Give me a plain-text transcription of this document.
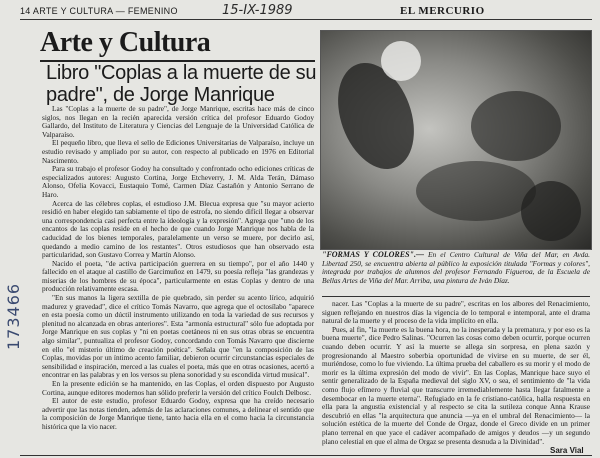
14 ARTE Y CULTURA — FEMENINO	15-IX-1989	EL MERCURIO
Arte y Cultura
Libro "Coplas a la muerte de su padre", de Jorge Manrique
173466

Las "Coplas a la muerte de su padre", de Jorge Manrique, escritas hace más de cinco siglos, nos llegan en la recién aparecida versión crítica del profesor Eduardo Godoy Gallardo, del Instituto de Literatura y Ciencias del Lenguaje de la Universidad Católica de Valparaíso.

El pequeño libro, que lleva el sello de Ediciones Universitarias de Valparaíso, incluye un estudio revisado y ampliado por su autor, con respecto al publicado en 1976 en Editorial Nascimento.

Para su trabajo el profesor Godoy ha consultado y confrontado ocho ediciones críticas de especializados autores: Augusto Cortina, Jorge Etcheverry, J. M. Alda Terán, Dámaso Alonso, Ofelia Kovacci, Eustaquio Tomé, Carmen Díaz Castañón y Antonio Serrano de Haro.

Acerca de las célebres coplas, el estudioso J.M. Blecua expresa que "su mayor acierto residió en haber elegido tan sabiamente el tipo de estrofa, no siendo difícil llegar a observar una correspondencia casi perfecta entre la ideología y la expresión". Agrega que "uno de los encantos de las coplas reside en el hecho de que cuando Jorge Manrique nos habla de la caducidad de los bienes temporales, paralelamente un verso se muere, por decirlo así, quedando a medio camino de los restantes". Otros estudiosos que han observado esta particularidad, son Gustavo Correa y Martín Alonso.

Nacido el poeta, "de activa participación guerrera en su tiempo", por el año 1440 y fallecido en el ataque al castillo de Garcimuñoz en 1479, su poesía refleja "las grandezas y miserias de los hombres de su época", particularmente en estas Coplas y dentro de una producción relativamente escasa.

"En sus manos la ligera sextilla de pie quebrado, sin perder su acento lírico, adquirió madurez y gravedad", dice el crítico Tomás Navarro, que agrega que el octosílabo "aparece en esta poesía como un dúctil instrumento utilizando en toda la variedad de sus recursos y plenitud no alcanzada en obras anteriores". Esta "armonía estructural" sólo fue adoptada por Jorge Manrique en sus coplas y "ni en poetas coetáneos ni en sus otras obras se encuentra algo similar", puntualiza el profesor Godoy, concordando con Tomás Navarro que discierne en ello "el misterio último de creación poética". Señala que "en la composición de las Coplas, movidas por un íntimo acento familiar, debieron ocurrir circunstancias especiales de sensibilidad e inspiración, merced a las cuales el poeta, más que en otras ocasiones, acertó a encontrar en las palabras y en los versos su plena sonoridad y su escondida virtud musical".

En la presente edición se ha mantenido, en las Coplas, el orden dispuesto por Augusto Cortina, aunque editores modernos han sólido preferir la versión del crítico Foulch Delbosc.

El autor de este estudio, profesor Eduardo Godoy, expresa que ha creído necesario advertir que las notas tienden, además de las aclaraciones comunes, a delinear el sentido que la composición de Jorge Manrique tiene, tanto hacia ella en el como hacia la circunstancia histórica que la vio nacer.

"FORMAS Y COLORES".— En el Centro Cultural de Viña del Mar, en Avda. Libertad 250, se encuentra abierta al público la exposición titulada "Formas y colores", integrada por trabajos de alumnos del profesor Fernando Figueroa, de la Escuela de Bellas Artes de Viña del Mar. Arriba, una pintura de Iván Díaz.

nacer. Las "Coplas a la muerte de su padre", escritas en los albores del Renacimiento, siguen reflejando en nuestros días la vigencia de lo temporal e intemporal, ante el drama natural de la muerte y el proceso de la vida implícito en ella.

Pues, al fin, "la muerte es la buena hora, no la inesperada y la prematura, y por eso es la buena muerte", dice Pedro Salinas. "Ocurren las cosas como deben ocurrir, porque ocurren cuando deben ocurrir. Y así la muerte se allega sin sorpresa, en plena sazón y progresionando al Maestro soberbia oportunidad de vivirse en su muerte, de ser él, muriéndose, como lo fue viviendo. La última prueba del caballero es su morir y el modo de morir es la última expresión del modo de vivir". En las Coplas, Manrique hace suyo el sentir generalizado de la España medieval del siglo XV, o sea, el sentimiento de "la vida como flujo efímero y fluvial que transcurre irremediablemente hasta llegar fatalmente a desembocar en la muerte eterna". Refugiado en la fe cristiano-católica, halla respuesta en ella para la angustia existencial y al respecto se cita la sutileza conque Anna Krause descubrió en ellas "la arquitectura que anuncia —ya en el umbral del Renacimiento— la solución estética de la muerte del Conde de Orgaz, donde el Greco divide en un primer plano terrenal en que yace el cadáver acompañado de amigos y deudos —y un segundo plano celestial en que el alma de Orgaz se presenta desnuda a la Divinidad".

Sara Vial
